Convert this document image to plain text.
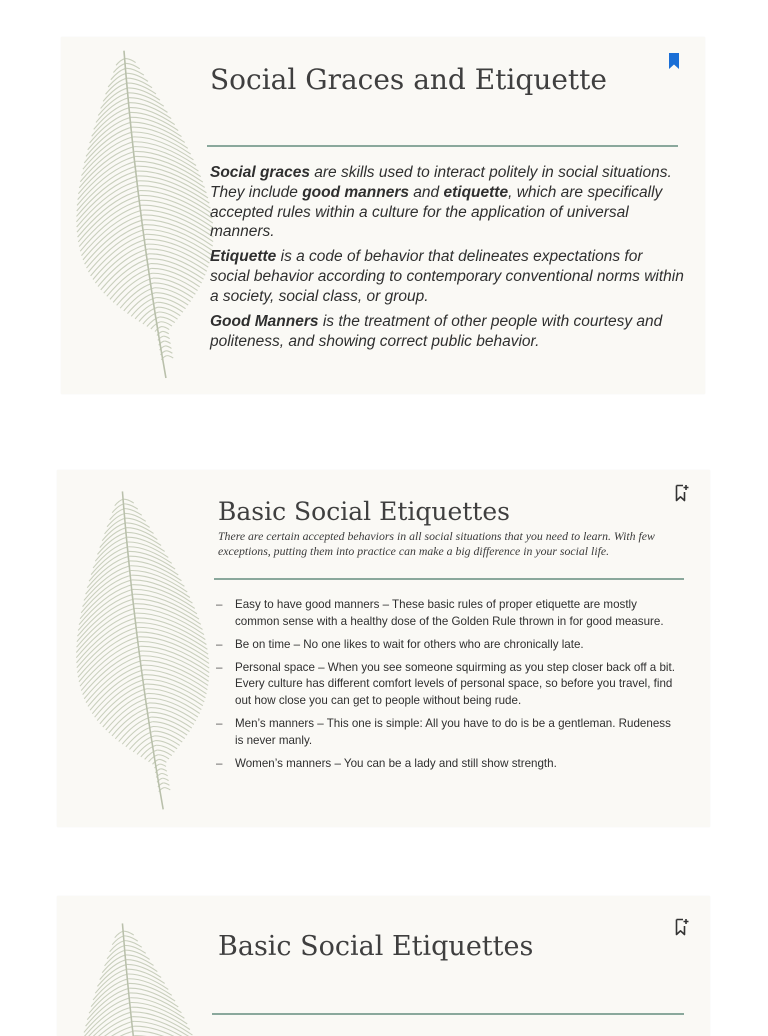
Social Graces and Etiquette

Social graces are skills used to interact politely in social situations. They include good manners and etiquette, which are specifically accepted rules within a culture for the application of universal manners.

Etiquette is a code of behavior that delineates expectations for social behavior according to contemporary conventional norms within a society, social class, or group.

Good Manners is the treatment of other people with courtesy and politeness, and showing correct public behavior.

Basic Social Etiquettes

There are certain accepted behaviors in all social situations that you need to learn. With few exceptions, putting them into practice can make a big difference in your social life.

– Easy to have good manners – These basic rules of proper etiquette are mostly common sense with a healthy dose of the Golden Rule thrown in for good measure.
– Be on time – No one likes to wait for others who are chronically late.
– Personal space – When you see someone squirming as you step closer back off a bit. Every culture has different comfort levels of personal space, so before you travel, find out how close you can get to people without being rude.
– Men’s manners – This one is simple: All you have to do is be a gentleman. Rudeness is never manly.
– Women’s manners – You can be a lady and still show strength.
Basic Social Etiquettes
